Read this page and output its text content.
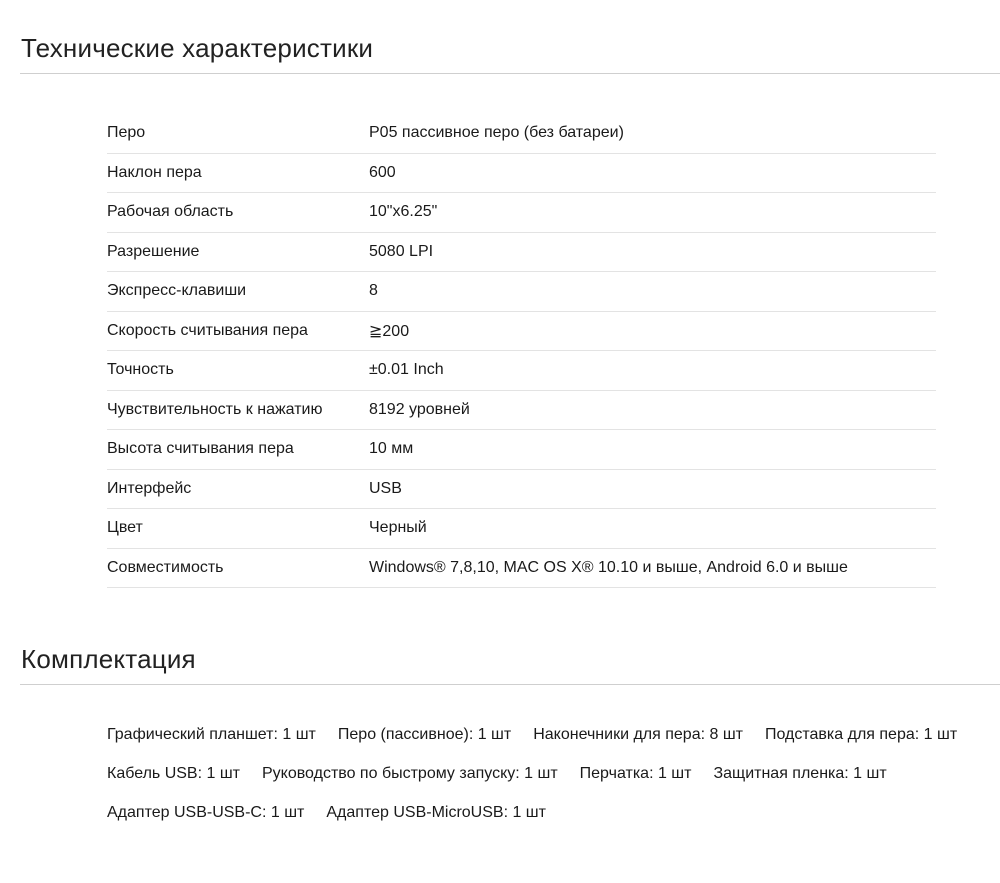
Технические характеристики
Перо	P05 пассивное перо (без батареи)
Наклон пера	600
Рабочая область	10"x6.25"
Разрешение	5080 LPI
Экспресс-клавиши	8
Скорость считывания пера	≧200
Точность	±0.01 Inch
Чувствительность к нажатию	8192 уровней
Высота считывания пера	10 мм
Интерфейс	USB
Цвет	Черный
Совместимость	Windows® 7,8,10, MAC OS X® 10.10 и выше, Android 6.0 и выше
Комплектация
Графический планшет: 1 шт Перо (пассивное): 1 шт Наконечники для пера: 8 шт Подставка для пера: 1 шт
Кабель USB: 1 шт Руководство по быстрому запуску: 1 шт Перчатка: 1 шт Защитная пленка: 1 шт
Адаптер USB-USB-C: 1 шт Адаптер USB-MicroUSB: 1 шт
